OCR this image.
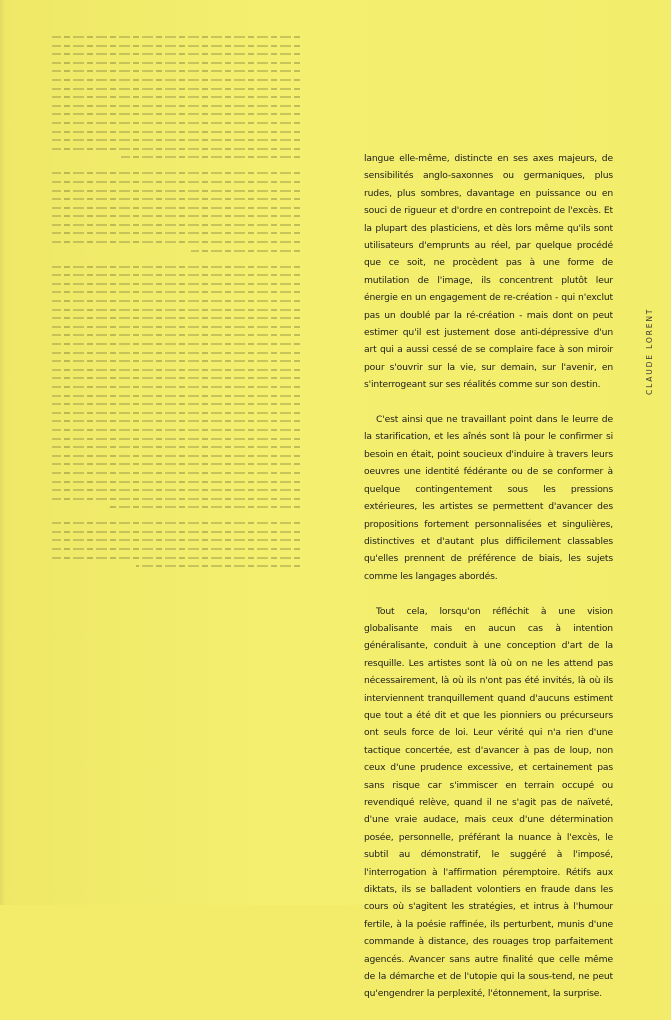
langue elle-même, distincte en ses axes majeurs, de sensibilités anglo-saxonnes ou germaniques, plus rudes, plus sombres, davantage en puissance ou en souci de rigueur et d'ordre en contrepoint de l'excès. Et la plupart des plasticiens, et dès lors même qu'ils sont utilisateurs d'emprunts au réel, par quelque procédé que ce soit, ne procèdent pas à une forme de mutilation de l'image, ils concentrent plutôt leur énergie en un engagement de re-création - qui n'exclut pas un doublé par la ré-création - mais dont on peut estimer qu'il est justement dose anti-dépressive d'un art qui a aussi cessé de se complaire face à son miroir pour s'ouvrir sur la vie, sur demain, sur l'avenir, en s'interrogeant sur ses réalités comme sur son destin.

C'est ainsi que ne travaillant point dans le leurre de la starification, et les aînés sont là pour le confirmer si besoin en était, point soucieux d'induire à travers leurs oeuvres une identité fédérante ou de se conformer à quelque contingentement sous les pressions extérieures, les artistes se permettent d'avancer des propositions fortement personnalisées et singulières, distinctives et d'autant plus difficilement classables qu'elles prennent de préférence de biais, les sujets comme les langages abordés.

Tout cela, lorsqu'on réfléchit à une vision globalisante mais en aucun cas à intention généralisante, conduit à une conception d'art de la resquille. Les artistes sont là où on ne les attend pas nécessairement, là où ils n'ont pas été invités, là où ils interviennent tranquillement quand d'aucuns estiment que tout a été dit et que les pionniers ou précurseurs ont seuls force de loi. Leur vérité qui n'a rien d'une tactique concertée, est d'avancer à pas de loup, non ceux d'une prudence excessive, et certainement pas sans risque car s'immiscer en terrain occupé ou revendiqué relève, quand il ne s'agit pas de naïveté, d'une vraie audace, mais ceux d'une détermination posée, personnelle, préférant la nuance à l'excès, le subtil au démonstratif, le suggéré à l'imposé, l'interrogation à l'affirmation péremptoire. Rétifs aux diktats, ils se balladent volontiers en fraude dans les cours où s'agitent les stratégies, et intrus à l'humour fertile, à la poésie raffinée, ils perturbent, munis d'une commande à distance, des rouages trop parfaitement agencés. Avancer sans autre finalité que celle même de la démarche et de l'utopie qui la sous-tend, ne peut qu'engendrer la perplexité, l'étonnement, la surprise.

CLAUDE LORENT
